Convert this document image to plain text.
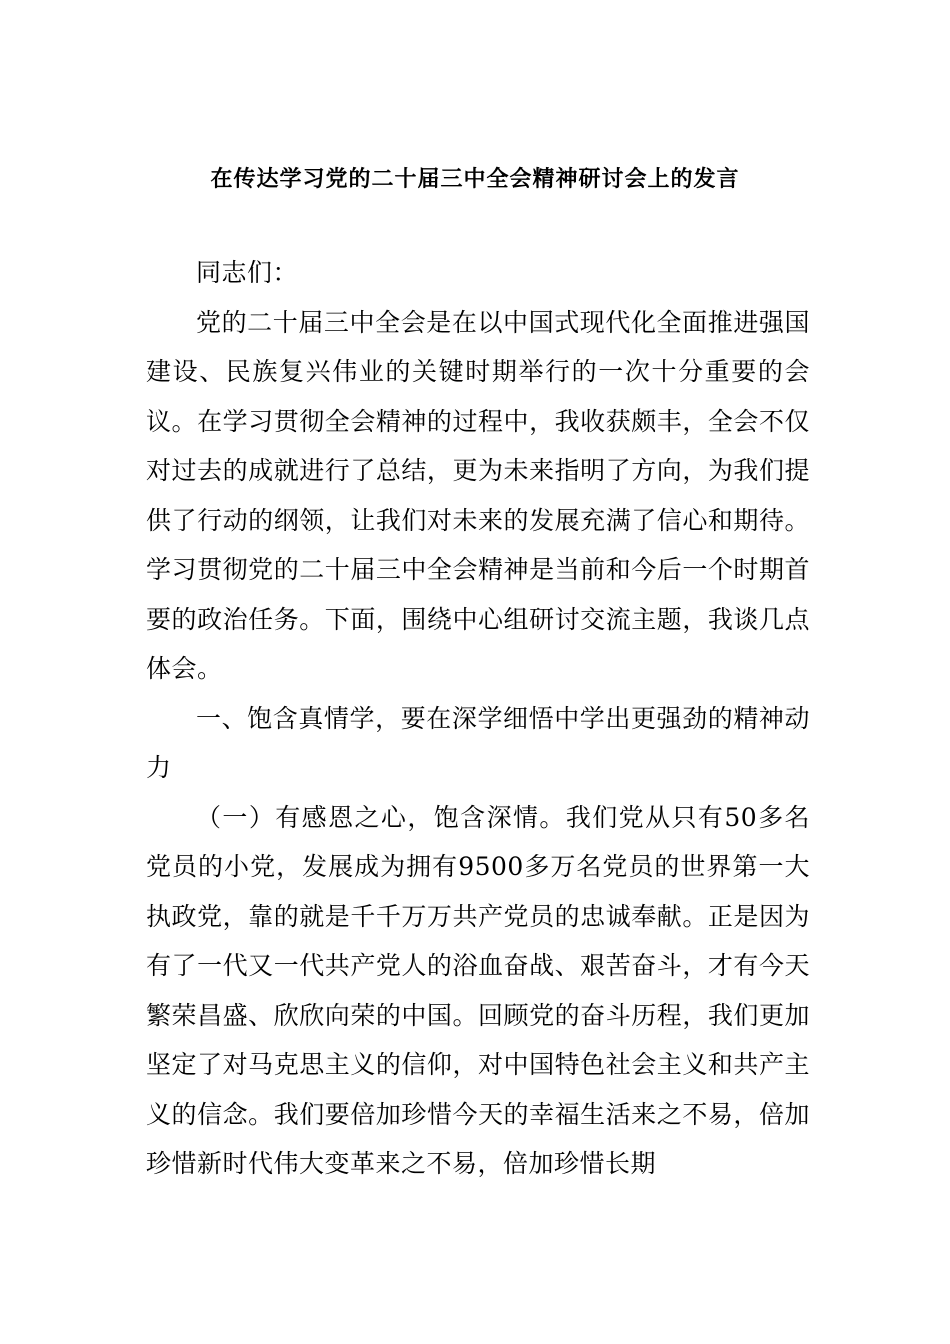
在传达学习党的二十届三中全会精神研讨会上的发言

同志们：

党的二十届三中全会是在以中国式现代化全面推进强国建设、民族复兴伟业的关键时期举行的一次十分重要的会议。在学习贯彻全会精神的过程中，我收获颇丰，全会不仅对过去的成就进行了总结，更为未来指明了方向，为我们提供了行动的纲领，让我们对未来的发展充满了信心和期待。学习贯彻党的二十届三中全会精神是当前和今后一个时期首要的政治任务。下面，围绕中心组研讨交流主题，我谈几点体会。

一、饱含真情学，要在深学细悟中学出更强劲的精神动力

（一）有感恩之心，饱含深情。我们党从只有50多名党员的小党，发展成为拥有9500多万名党员的世界第一大执政党，靠的就是千千万万共产党员的忠诚奉献。正是因为有了一代又一代共产党人的浴血奋战、艰苦奋斗，才有今天繁荣昌盛、欣欣向荣的中国。回顾党的奋斗历程，我们更加坚定了对马克思主义的信仰，对中国特色社会主义和共产主义的信念。我们要倍加珍惜今天的幸福生活来之不易，倍加珍惜新时代伟大变革来之不易，倍加珍惜长期
